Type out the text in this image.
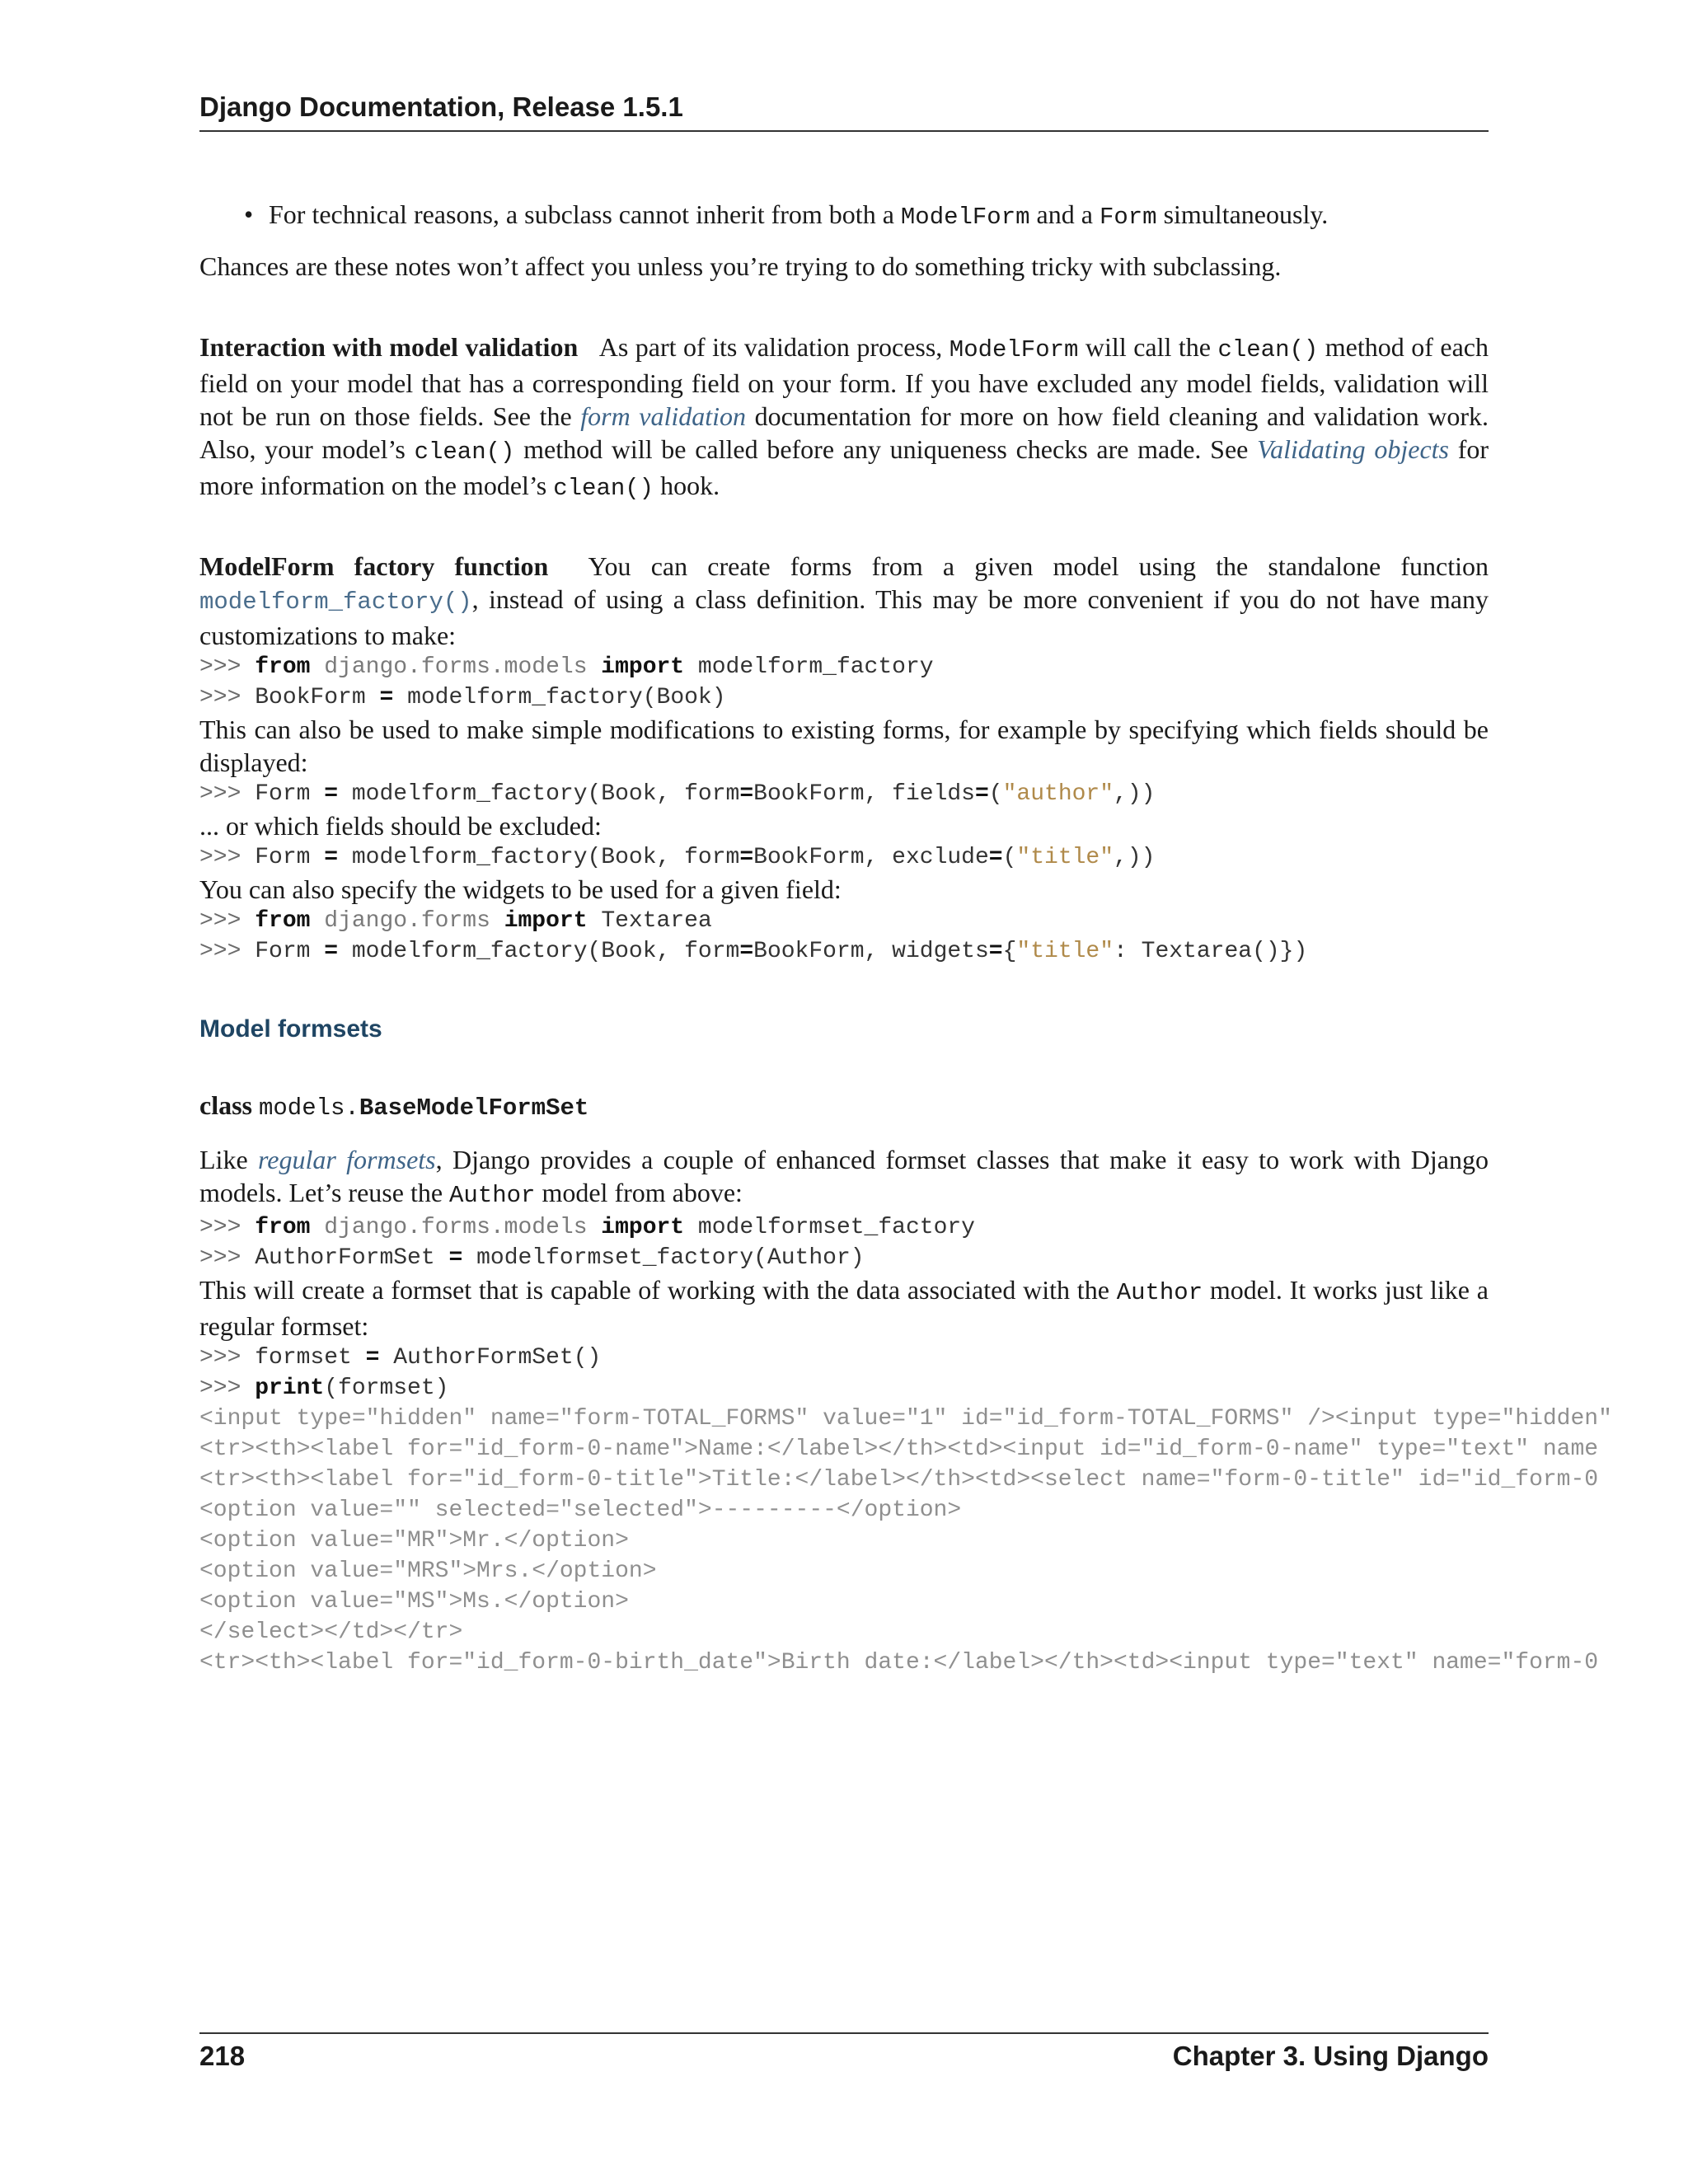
Django Documentation, Release 1.5.1
• For technical reasons, a subclass cannot inherit from both a ModelForm and a Form simultaneously.

Chances are these notes won’t affect you unless you’re trying to do something tricky with subclassing.

Interaction with model validation As part of its validation process, ModelForm will call the clean() method of each field on your model that has a corresponding field on your form. If you have excluded any model fields, validation will not be run on those fields. See the form validation documentation for more on how field cleaning and validation work. Also, your model’s clean() method will be called before any uniqueness checks are made. See Validating objects for more information on the model’s clean() hook.

ModelForm factory function You can create forms from a given model using the standalone function modelform_factory(), instead of using a class definition. This may be more convenient if you do not have many customizations to make:

>>> from django.forms.models import modelform_factory
>>> BookForm = modelform_factory(Book)

This can also be used to make simple modifications to existing forms, for example by specifying which fields should be displayed:

>>> Form = modelform_factory(Book, form=BookForm, fields=("author",))

... or which fields should be excluded:

>>> Form = modelform_factory(Book, form=BookForm, exclude=("title",))

You can also specify the widgets to be used for a given field:

>>> from django.forms import Textarea
>>> Form = modelform_factory(Book, form=BookForm, widgets={"title": Textarea()})
Model formsets

class models.BaseModelFormSet

Like regular formsets, Django provides a couple of enhanced formset classes that make it easy to work with Django models. Let’s reuse the Author model from above:

>>> from django.forms.models import modelformset_factory
>>> AuthorFormSet = modelformset_factory(Author)

This will create a formset that is capable of working with the data associated with the Author model. It works just like a regular formset:

>>> formset = AuthorFormSet()
>>> print(formset)
<input type="hidden" name="form-TOTAL_FORMS" value="1" id="id_form-TOTAL_FORMS" /><input type="hidden"
<tr><th><label for="id_form-0-name">Name:</label></th><td><input id="id_form-0-name" type="text" name
<tr><th><label for="id_form-0-title">Title:</label></th><td><select name="form-0-title" id="id_form-0
<option value="" selected="selected">---------</option>
<option value="MR">Mr.</option>
<option value="MRS">Mrs.</option>
<option value="MS">Ms.</option>
</select></td></tr>
<tr><th><label for="id_form-0-birth_date">Birth date:</label></th><td><input type="text" name="form-0
218	Chapter 3. Using Django
